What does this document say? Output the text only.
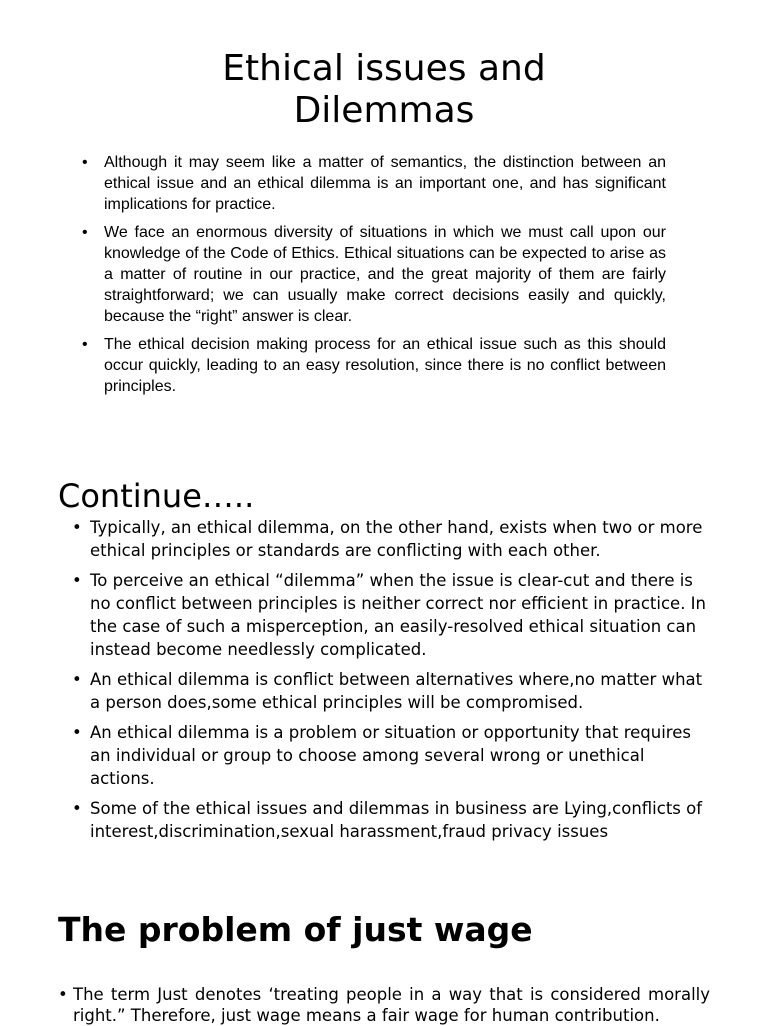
Ethical issues and
Dilemmas
• Although it may seem like a matter of semantics, the distinction between an ethical issue and an ethical dilemma is an important one, and has significant implications for practice.
• We face an enormous diversity of situations in which we must call upon our knowledge of the Code of Ethics. Ethical situations can be expected to arise as a matter of routine in our practice, and the great majority of them are fairly straightforward; we can usually make correct decisions easily and quickly, because the “right” answer is clear.
• The ethical decision making process for an ethical issue such as this should occur quickly, leading to an easy resolution, since there is no conflict between principles.
Continue…..
• Typically, an ethical dilemma, on the other hand, exists when two or more ethical principles or standards are conflicting with each other.
• To perceive an ethical “dilemma” when the issue is clear-cut and there is no conflict between principles is neither correct nor efficient in practice. In the case of such a misperception, an easily-resolved ethical situation can instead become needlessly complicated.
• An ethical dilemma is conflict between alternatives where,no matter what a person does,some ethical principles will be compromised.
• An ethical dilemma is a problem or situation or opportunity that requires an individual or group to choose among several wrong or unethical actions.
• Some of the ethical issues and dilemmas in business are Lying,conflicts of interest,discrimination,sexual harassment,fraud privacy issues
The problem of just wage
• The term Just denotes ‘treating people in a way that is considered morally right.” Therefore, just wage means a fair wage for human contribution.
